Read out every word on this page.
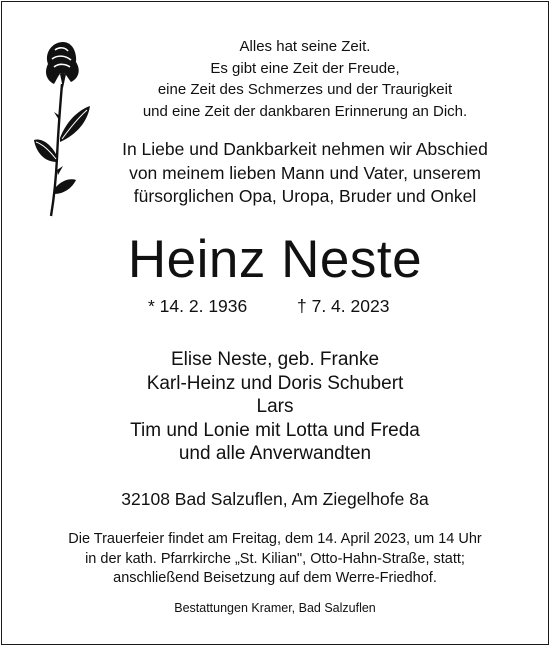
Alles hat seine Zeit.
Es gibt eine Zeit der Freude,
eine Zeit des Schmerzes und der Traurigkeit
und eine Zeit der dankbaren Erinnerung an Dich.
In Liebe und Dankbarkeit nehmen wir Abschied
von meinem lieben Mann und Vater, unserem
fürsorglichen Opa, Uropa, Bruder und Onkel
Heinz Neste
* 14. 2. 1936	† 7. 4. 2023
Elise Neste, geb. Franke
Karl-Heinz und Doris Schubert
Lars
Tim und Lonie mit Lotta und Freda
und alle Anverwandten
32108 Bad Salzuflen, Am Ziegelhofe 8a
Die Trauerfeier findet am Freitag, dem 14. April 2023, um 14 Uhr
in der kath. Pfarrkirche „St. Kilian", Otto-Hahn-Straße, statt;
anschließend Beisetzung auf dem Werre-Friedhof.
Bestattungen Kramer, Bad Salzuflen
